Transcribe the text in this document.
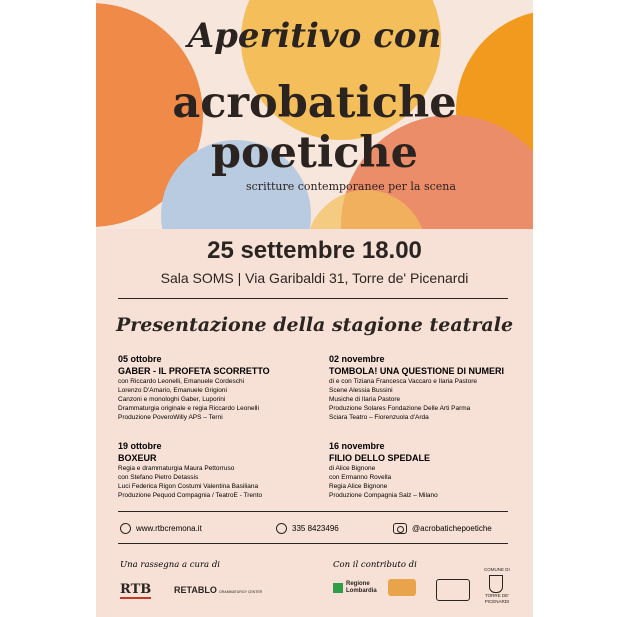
Aperitivo con
acrobatiche
poetiche
scritture contemporanee per la scena
25 settembre 18.00
Sala SOMS | Via Garibaldi 31, Torre de' Picenardi
Presentazione della stagione teatrale
05 ottobre
GABER - IL PROFETA SCORRETTO
con Riccardo Leonelli, Emanuele Cordeschi
Lorenzo D'Amario, Emanuele Grigioni
Canzoni e monologhi Gaber, Luporini
Drammaturgia originale e regia Riccardo Leonelli
Produzione PoveroWilly APS – Terni
02 novembre
TOMBOLA! UNA QUESTIONE DI NUMERI
di e con Tiziana Francesca Vaccaro e Ilaria Pastore
Scene Alessia Bussini
Musiche di Ilaria Pastore
Produzione Solares Fondazione Delle Arti Parma
Sciara Teatro – Fiorenzuola d'Arda
19 ottobre
BOXEUR
Regia e drammaturgia Maura Pettorruso
con Stefano Pietro Detassis
Luci Federica Rigon Costumi Valentina Basiliana
Produzione Pequod Compagnia / TeatroE - Trento
16 novembre
FILIO DELLO SPEDALE
di Alice Bignone
con Ermanno Rovella
Regia Alice Bignone
Produzione Compagnia Salz – Milano
www.rtbcremona.it	335 8423496	@acrobatichepoetiche
Una rassegna a cura di	Con il contributo di
RTB	RETABLO DRAMMATURGY CENTER
Regione Lombardia
COMUNE DI
TORRE DE' PICENARDI
